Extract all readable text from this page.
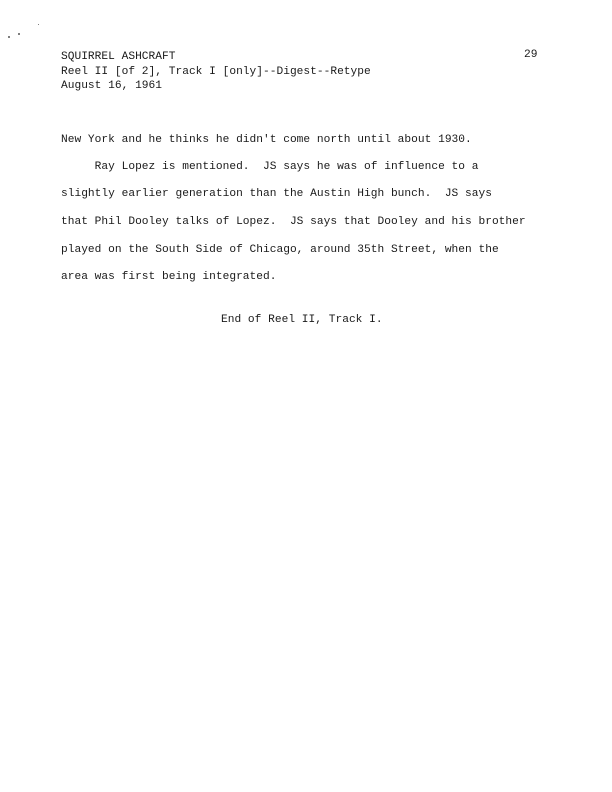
SQUIRREL ASHCRAFT	29
Reel II [of 2], Track I [only]--Digest--Retype
August 16, 1961
New York and he thinks he didn't come north until about 1930.
Ray Lopez is mentioned.  JS says he was of influence to a
slightly earlier generation than the Austin High bunch.  JS says
that Phil Dooley talks of Lopez.  JS says that Dooley and his brother
played on the South Side of Chicago, around 35th Street, when the
area was first being integrated.
End of Reel II, Track I.
